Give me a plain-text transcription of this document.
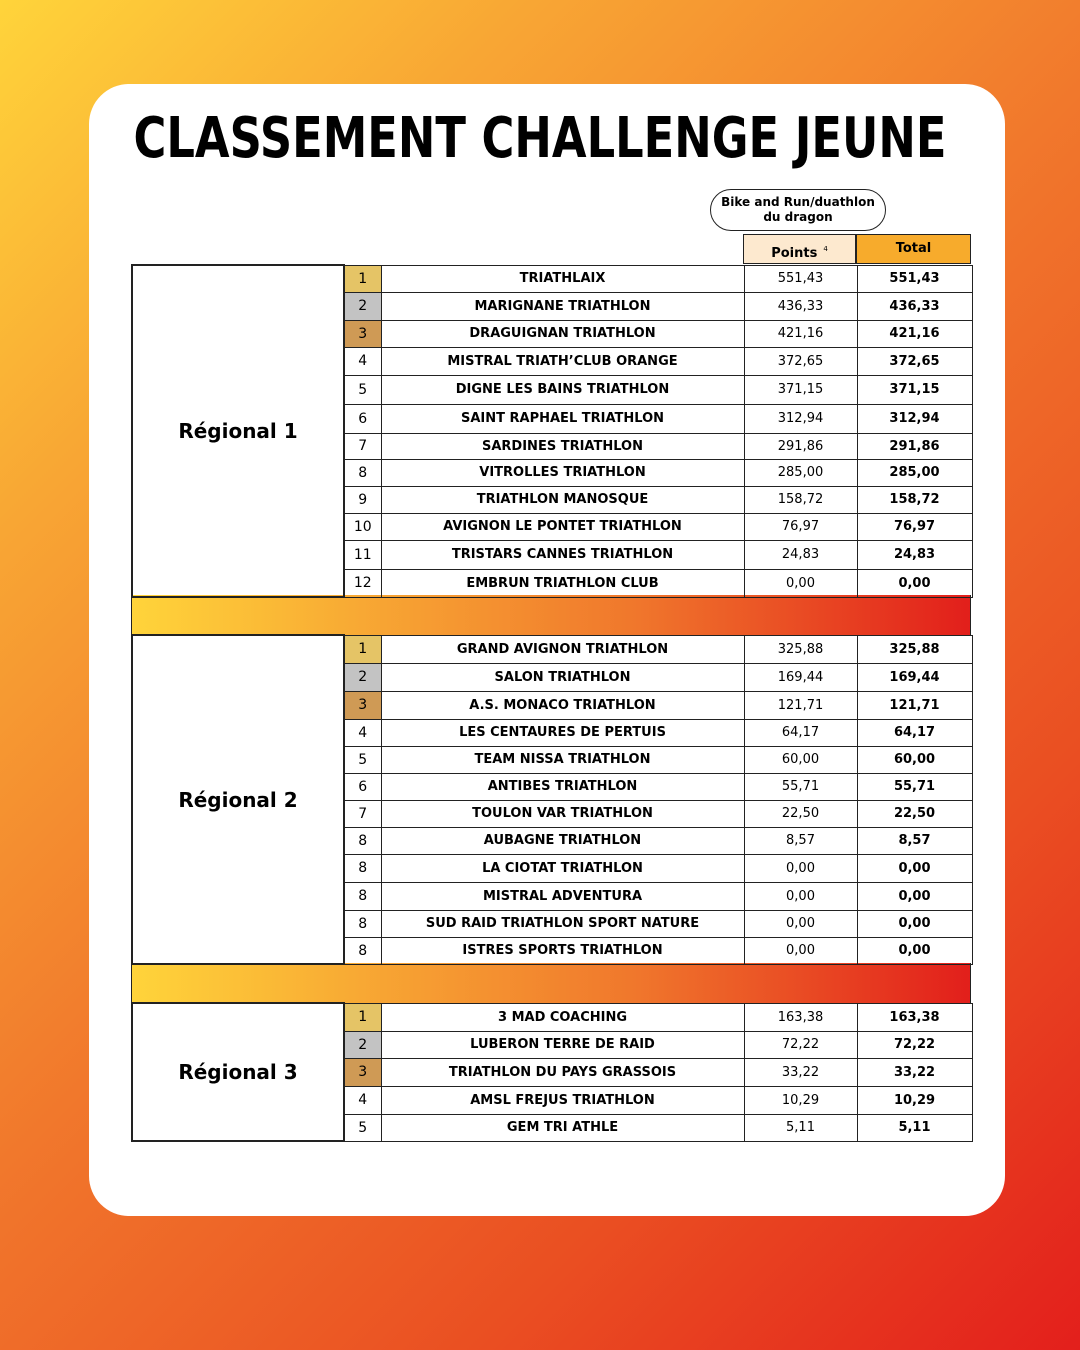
CLASSEMENT CHALLENGE JEUNE
Bike and Run/duathlon du dragon
Points $^4$	Total
Régional 1	1	TRIATHLAIX	551,43	551,43
	2	MARIGNANE TRIATHLON	436,33	436,33
	3	DRAGUIGNAN TRIATHLON	421,16	421,16
	4	MISTRAL TRIATH’CLUB ORANGE	372,65	372,65
	5	DIGNE LES BAINS TRIATHLON	371,15	371,15
	6	SAINT RAPHAEL TRIATHLON	312,94	312,94
	7	SARDINES TRIATHLON	291,86	291,86
	8	VITROLLES TRIATHLON	285,00	285,00
	9	TRIATHLON MANOSQUE	158,72	158,72
	10	AVIGNON LE PONTET TRIATHLON	76,97	76,97
	11	TRISTARS CANNES TRIATHLON	24,83	24,83
	12	EMBRUN TRIATHLON CLUB	0,00	0,00
Régional 2	1	GRAND AVIGNON TRIATHLON	325,88	325,88
	2	SALON TRIATHLON	169,44	169,44
	3	A.S. MONACO TRIATHLON	121,71	121,71
	4	LES CENTAURES DE PERTUIS	64,17	64,17
	5	TEAM NISSA TRIATHLON	60,00	60,00
	6	ANTIBES TRIATHLON	55,71	55,71
	7	TOULON VAR TRIATHLON	22,50	22,50
	8	AUBAGNE TRIATHLON	8,57	8,57
	8	LA CIOTAT TRIATHLON	0,00	0,00
	8	MISTRAL ADVENTURA	0,00	0,00
	8	SUD RAID TRIATHLON SPORT NATURE	0,00	0,00
	8	ISTRES SPORTS TRIATHLON	0,00	0,00
Régional 3	1	3 MAD COACHING	163,38	163,38
	2	LUBERON TERRE DE RAID	72,22	72,22
	3	TRIATHLON DU PAYS GRASSOIS	33,22	33,22
	4	AMSL FREJUS TRIATHLON	10,29	10,29
	5	GEM TRI ATHLE	5,11	5,11
